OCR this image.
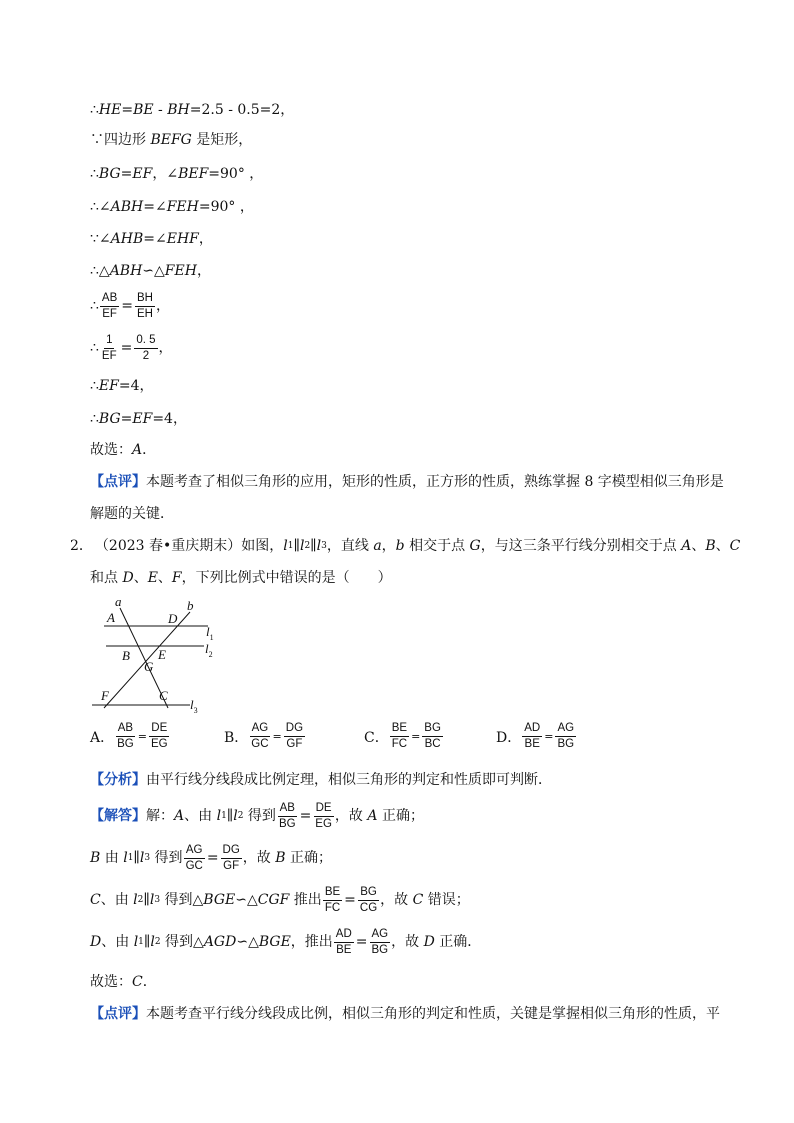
∴ HE = BE - BH =2.5 - 0.5=2，
∵四边形 BEFG 是矩形，
∴ BG = EF ，∠ BEF =90° ，
∴∠ ABH =∠ FEH =90° ，
∵∠ AHB =∠ EHF ，
∴△ ABH ∽△ FEH ，
∴ $\frac{AB}{EF} = \frac{BH}{EH}$ ，
∴ $\frac{1}{EF} = \frac{0. 5}{2}$ ，
∴ EF =4，
∴ BG = EF =4，
故选： A ．
【点评】 本题考查了相似三角形的应用，矩形的性质，正方形的性质，熟练掌握 8 字模型相似三角形是
解题的关键．
2． （2023 春•重庆期末）如图， l 1 ∥ l 2 ∥ l 3 ，直线 a ， b 相交于点 G ，与这三条平行线分别相交于点 A 、 B 、 C
和点 D 、 E 、 F ，下列比例式中错误的是（　　）
a	b
A	D
B E
G
F	C
$l_1$
$l_2$
$l_3$
A． $\frac{AB}{BG} = \frac{DE}{EG}$	B． $\frac{AG}{GC} = \frac{DG}{GF}$	C． $\frac{BE}{FC} = \frac{BG}{BC}$	D． $\frac{AD}{BE} = \frac{AG}{BG}$
【分析】 由平行线分线段成比例定理，相似三角形的判定和性质即可判断．
【解答】 解： A 、由 l 1 ∥ l 2 得到 $\frac{AB}{BG} = \frac{DE}{EG}$ ，故 A 正确；
B 由 l 1 ∥ l 3 得到 $\frac{AG}{GC} = \frac{DG}{GF}$ ，故 B 正确；
C 、由 l 2 ∥ l 3 得到△ BGE ∽△ CGF 推出 $\frac{BE}{FC} = \frac{BG}{CG}$ ，故 C 错误；
D 、由 l 1 ∥ l 2 得到△ AGD ∽△ BGE ，推出 $\frac{AD}{BE} = \frac{AG}{BG}$ ，故 D 正确．
故选： C ．
【点评】 本题考查平行线分线段成比例，相似三角形的判定和性质，关键是掌握相似三角形的性质，平
